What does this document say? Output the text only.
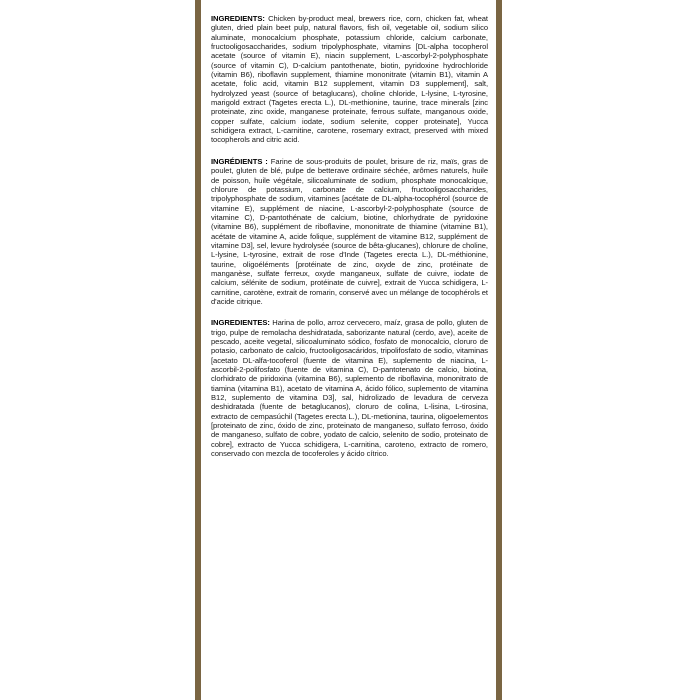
INGREDIENTS: Chicken by-product meal, brewers rice, corn, chicken fat, wheat gluten, dried plain beet pulp, natural flavors, fish oil, vegetable oil, sodium silico aluminate, monocalcium phosphate, potassium chloride, calcium carbonate, fructooligosaccharides, sodium tripolyphosphate, vitamins [DL-alpha tocopherol acetate (source of vitamin E), niacin supplement, L-ascorbyl-2-polyphosphate (source of vitamin C), D-calcium pantothenate, biotin, pyridoxine hydrochloride (vitamin B6), riboflavin supplement, thiamine mononitrate (vitamin B1), vitamin A acetate, folic acid, vitamin B12 supplement, vitamin D3 supplement], salt, hydrolyzed yeast (source of betaglucans), choline chloride, L-lysine, L-tyrosine, marigold extract (Tagetes erecta L.), DL-methionine, taurine, trace minerals [zinc proteinate, zinc oxide, manganese proteinate, ferrous sulfate, manganous oxide, copper sulfate, calcium iodate, sodium selenite, copper proteinate], Yucca schidigera extract, L-carnitine, carotene, rosemary extract, preserved with mixed tocopherols and citric acid.

INGRÉDIENTS : Farine de sous-produits de poulet, brisure de riz, maïs, gras de poulet, gluten de blé, pulpe de betterave ordinaire séchée, arômes naturels, huile de poisson, huile végétale, silicoaluminate de sodium, phosphate monocalcique, chlorure de potassium, carbonate de calcium, fructooligosaccharides, tripolyphosphate de sodium, vitamines [acétate de DL-alpha-tocophérol (source de vitamine E), supplément de niacine, L-ascorbyl-2-polyphosphate (source de vitamine C), D-pantothénate de calcium, biotine, chlorhydrate de pyridoxine (vitamine B6), supplément de riboflavine, mononitrate de thiamine (vitamine B1), acétate de vitamine A, acide folique, supplément de vitamine B12, supplément de vitamine D3], sel, levure hydrolysée (source de bêta-glucanes), chlorure de choline, L-lysine, L-tyrosine, extrait de rose d'Inde (Tagetes erecta L.), DL-méthionine, taurine, oligoéléments [protéinate de zinc, oxyde de zinc, protéinate de manganèse, sulfate ferreux, oxyde manganeux, sulfate de cuivre, iodate de calcium, sélénite de sodium, protéinate de cuivre], extrait de Yucca schidigera, L-carnitine, carotène, extrait de romarin, conservé avec un mélange de tocophérols et d'acide citrique.

INGREDIENTES: Harina de pollo, arroz cervecero, maíz, grasa de pollo, gluten de trigo, pulpe de remolacha deshidratada, saborizante natural (cerdo, ave), aceite de pescado, aceite vegetal, silicoaluminato sódico, fosfato de monocalcio, cloruro de potasio, carbonato de calcio, fructooligosacáridos, tripolifosfato de sodio, vitaminas [acetato DL-alfa-tocoferol (fuente de vitamina E), suplemento de niacina, L-ascorbil-2-polifosfato (fuente de vitamina C), D-pantotenato de calcio, biotina, clorhidrato de piridoxina (vitamina B6), suplemento de riboflavina, mononitrato de tiamina (vitamina B1), acetato de vitamina A, ácido fólico, suplemento de vitamina B12, suplemento de vitamina D3], sal, hidrolizado de levadura de cerveza deshidratada (fuente de betaglucanos), cloruro de colina, L-lisina, L-tirosina, extracto de cempasúchil (Tagetes erecta L.), DL-metionina, taurina, oligoelementos [proteinato de zinc, óxido de zinc, proteinato de manganeso, sulfato ferroso, óxido de manganeso, sulfato de cobre, yodato de calcio, selenito de sodio, proteinato de cobre], extracto de Yucca schidigera, L-carnitina, caroteno, extracto de romero, conservado con mezcla de tocoferoles y ácido cítrico.
